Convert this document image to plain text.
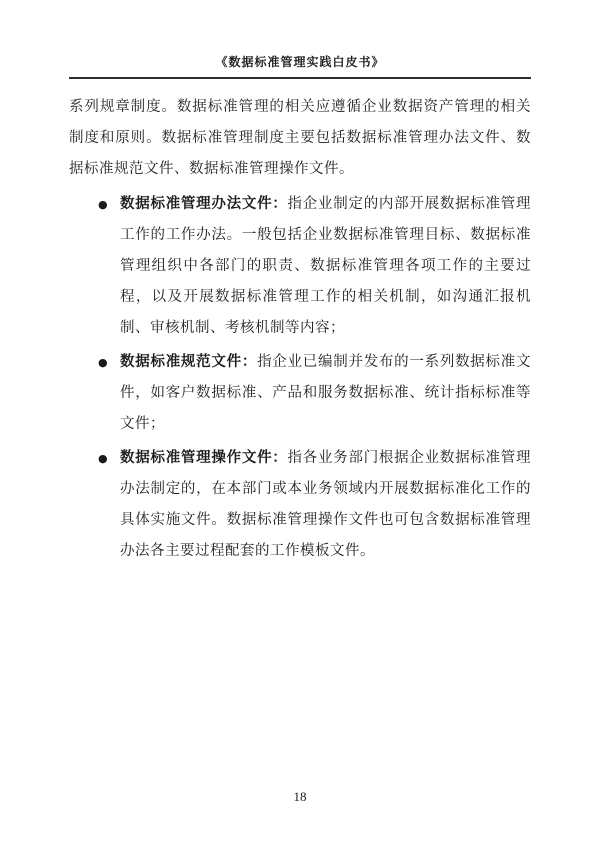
《数据标准管理实践白皮书》

系列规章制度。数据标准管理的相关应遵循企业数据资产管理的相关制度和原则。数据标准管理制度主要包括数据标准管理办法文件、数据标准规范文件、数据标准管理操作文件。

● 数据标准管理办法文件：指企业制定的内部开展数据标准管理工作的工作办法。一般包括企业数据标准管理目标、数据标准管理组织中各部门的职责、数据标准管理各项工作的主要过程，以及开展数据标准管理工作的相关机制，如沟通汇报机制、审核机制、考核机制等内容；
● 数据标准规范文件：指企业已编制并发布的一系列数据标准文件，如客户数据标准、产品和服务数据标准、统计指标标准等文件；
● 数据标准管理操作文件：指各业务部门根据企业数据标准管理办法制定的，在本部门或本业务领域内开展数据标准化工作的具体实施文件。数据标准管理操作文件也可包含数据标准管理办法各主要过程配套的工作模板文件。
18
